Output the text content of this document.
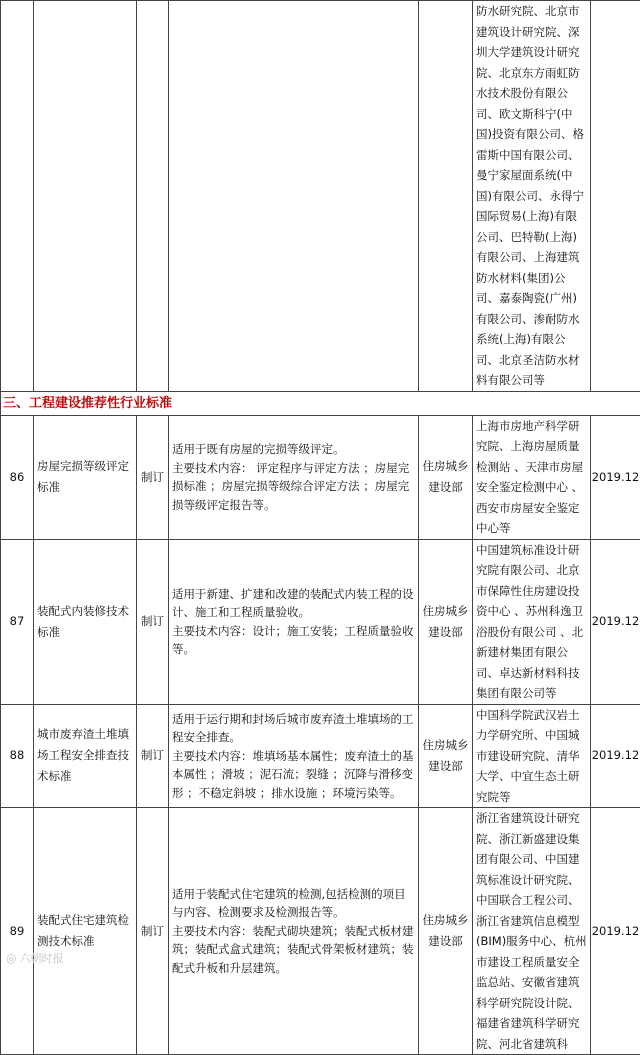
					防水研究院、北京市建筑设计研究院、深圳大学建筑设计研究院、北京东方雨虹防水技术股份有限公司、欧文斯科宁(中国)投资有限公司、格雷斯中国有限公司、曼宁家屋面系统(中国)有限公司、永得宁国际贸易(上海)有限公司、巴特勒(上海) 有限公司、上海建筑防水材料(集团)公司、嘉泰陶瓷(广州)有限公司、渗耐防水系统(上海)有限公司、北京圣洁防水材料有限公司等	
三、工程建设推荐性行业标准						
86	房屋完损等级评定标准	制订	适用于既有房屋的完损等级评定。
主要技术内容： 评定程序与评定方法 ；房屋完损标准 ；房屋完损等级综合评定方法 ；房屋完损等级评定报告等。	住房城乡建设部	上海市房地产科学研究院、上海房屋质量检测站 、天津市房屋安全鉴定检测中心 、西安市房屋安全鉴定中心等	2019.12
87	装配式内装修技术标准	制订	适用于新建、扩建和改建的装配式内装工程的设计、施工和工程质量验收。
主要技术内容：设计；施工安装；工程质量验收等。	住房城乡建设部	中国建筑标准设计研究院有限公司、北京市保障性住房建设投资中心 、苏州科逸卫浴股份有限公司 、北新建材集团有限公司、卓达新材料科技集团有限公司等	2019.12
88	城市废弃渣土堆填场工程安全排查技术标准	制订	适用于运行期和封场后城市废弃渣土堆填场的工程安全排查。
主要技术内容：堆填场基本属性；废弃渣土的基本属性 ；滑坡 ；泥石流；裂缝 ；沉降与滑移变形 ；不稳定斜坡 ；排水设施 ；环境污染等。	住房城乡建设部	中国科学院武汉岩土力学研究所、中国城市建设研究院、清华大学、中宜生态土研究院等	2019.12
89	装配式住宅建筑检测技术标准	制订	适用于装配式住宅建筑的检测,包括检测的项目与内容、检测要求及检测报告等。
主要技术内容：装配式砌块建筑；装配式板材建筑；装配式盒式建筑；装配式骨架板材建筑；装配式升板和升层建筑。	住房城乡建设部	浙江省建筑设计研究院、浙江新盛建设集团有限公司、中国建筑标准设计研究院、中国联合工程公司、浙江省建筑信息模型(BIM)服务中心、杭州市建设工程质量安全监总站、安徽省建筑科学研究院设计院、福建省建筑科学研究院、河北省建筑科	2019.12
◎ 六朝时报
